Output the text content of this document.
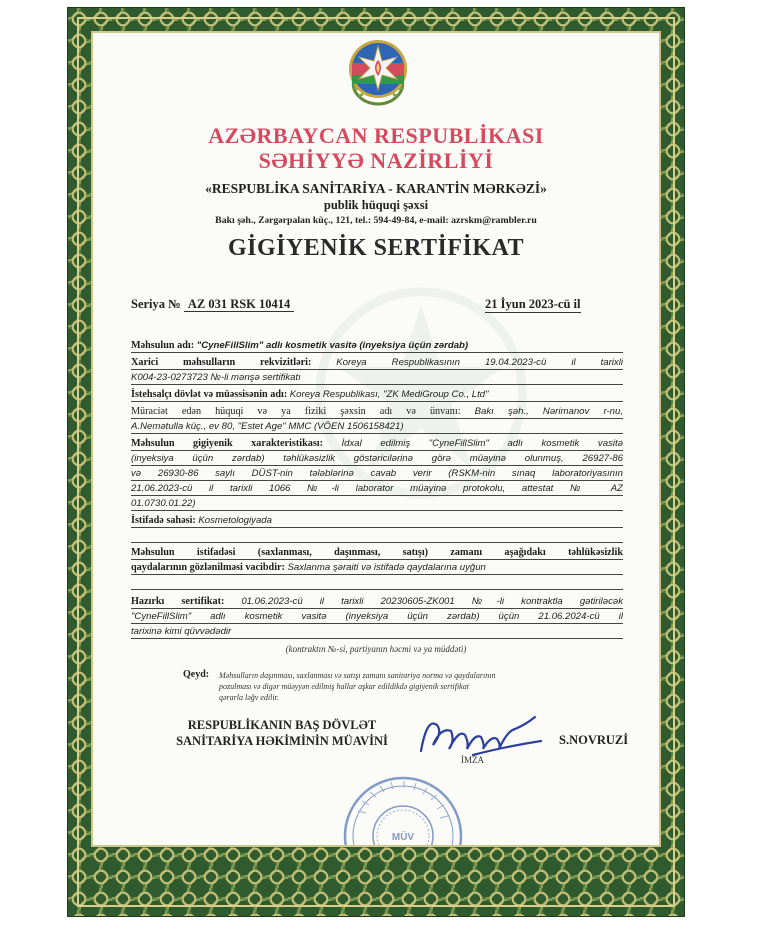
AZƏRBAYCAN RESPUBLİKASI
SƏHİYYƏ NAZİRLİYİ
«RESPUBLİKA SANİTARİYA - KARANTİN MƏRKƏZİ»
publik hüquqi şəxsi
Bakı şəh., Zərgərpalan küç., 121, tel.: 594-49-84, e-mail: azrskm@rambler.ru
GİGİYENİK SERTİFİKAT
Seriya № AZ 031 RSK 10414	21 İyun 2023-cü il
Məhsulun adı: "CyneFillSlim" adlı kosmetik vasitə (inyeksiya üçün zərdab)
Xarici məhsulların rekvizitləri:	Koreya Respublikasının 19.04.2023-cü il tarixli
K004-23-0273723 №-li mənşə sertifikatı
İstehsalçı dövlət və müəssisənin adı: Koreya Respublikası, "ZK MediGroup Co., Ltd"
Müraciət edən hüquqi və ya fiziki şəxsin adı və ünvanı: Bakı şəh., Nərimanov r-nu,
A.Nemətulla küç., ev 80, "Estet Age" MMC (VÖEN 1506158421)
Məhsulun gigiyenik xarakteristikası: İdxal edilmiş "CyneFillSlim" adlı kosmetik vasitə
(inyeksiya üçün zərdab) təhlükəsizlik göstəricilərinə görə müayinə olunmuş, 26927-86
və 26930-86 saylı DÜST-nin tələblərinə cavab verir (RSKM-nin sınaq laboratoriyasının
21.06.2023-cü il tarixli 1066 №-li laborator müayinə protokolu, attestat № AZ
01.0730.01.22)
İstifadə sahəsi: Kosmetologiyada
Məhsulun istifadəsi (saxlanması, daşınması, satışı) zamanı aşağıdakı təhlükəsizlik
qaydalarının gözlənilməsi vacibdir: Saxlanma şəraiti və istifadə qaydalarına uyğun
Hazırkı sertifikat: 01.06.2023-cü il tarixli 20230605-ZK001 №-li kontraktla gətiriləcək
"CyneFillSlim" adlı kosmetik vasitə (inyeksiya üçün zərdab) üçün 21.06.2024-cü il
tarixinə kimi qüvvədədir
(kontraktın №-si, partiyanın həcmi və ya müddəti)
Qeyd: Məhsulların daşınması, saxlanması və satışı zamanı sanitariya norma və qaydalarının
pozulması və digər müəyyən edilmiş hallar aşkar edildikdə gigiyenik sertifikat
qərarla ləğv edilir.
RESPUBLİKANIN BAŞ DÖVLƏT
SANİTARİYA HƏKİMİNİN MÜAVİNİ	S.NOVRUZİ
İMZA
MÜV
